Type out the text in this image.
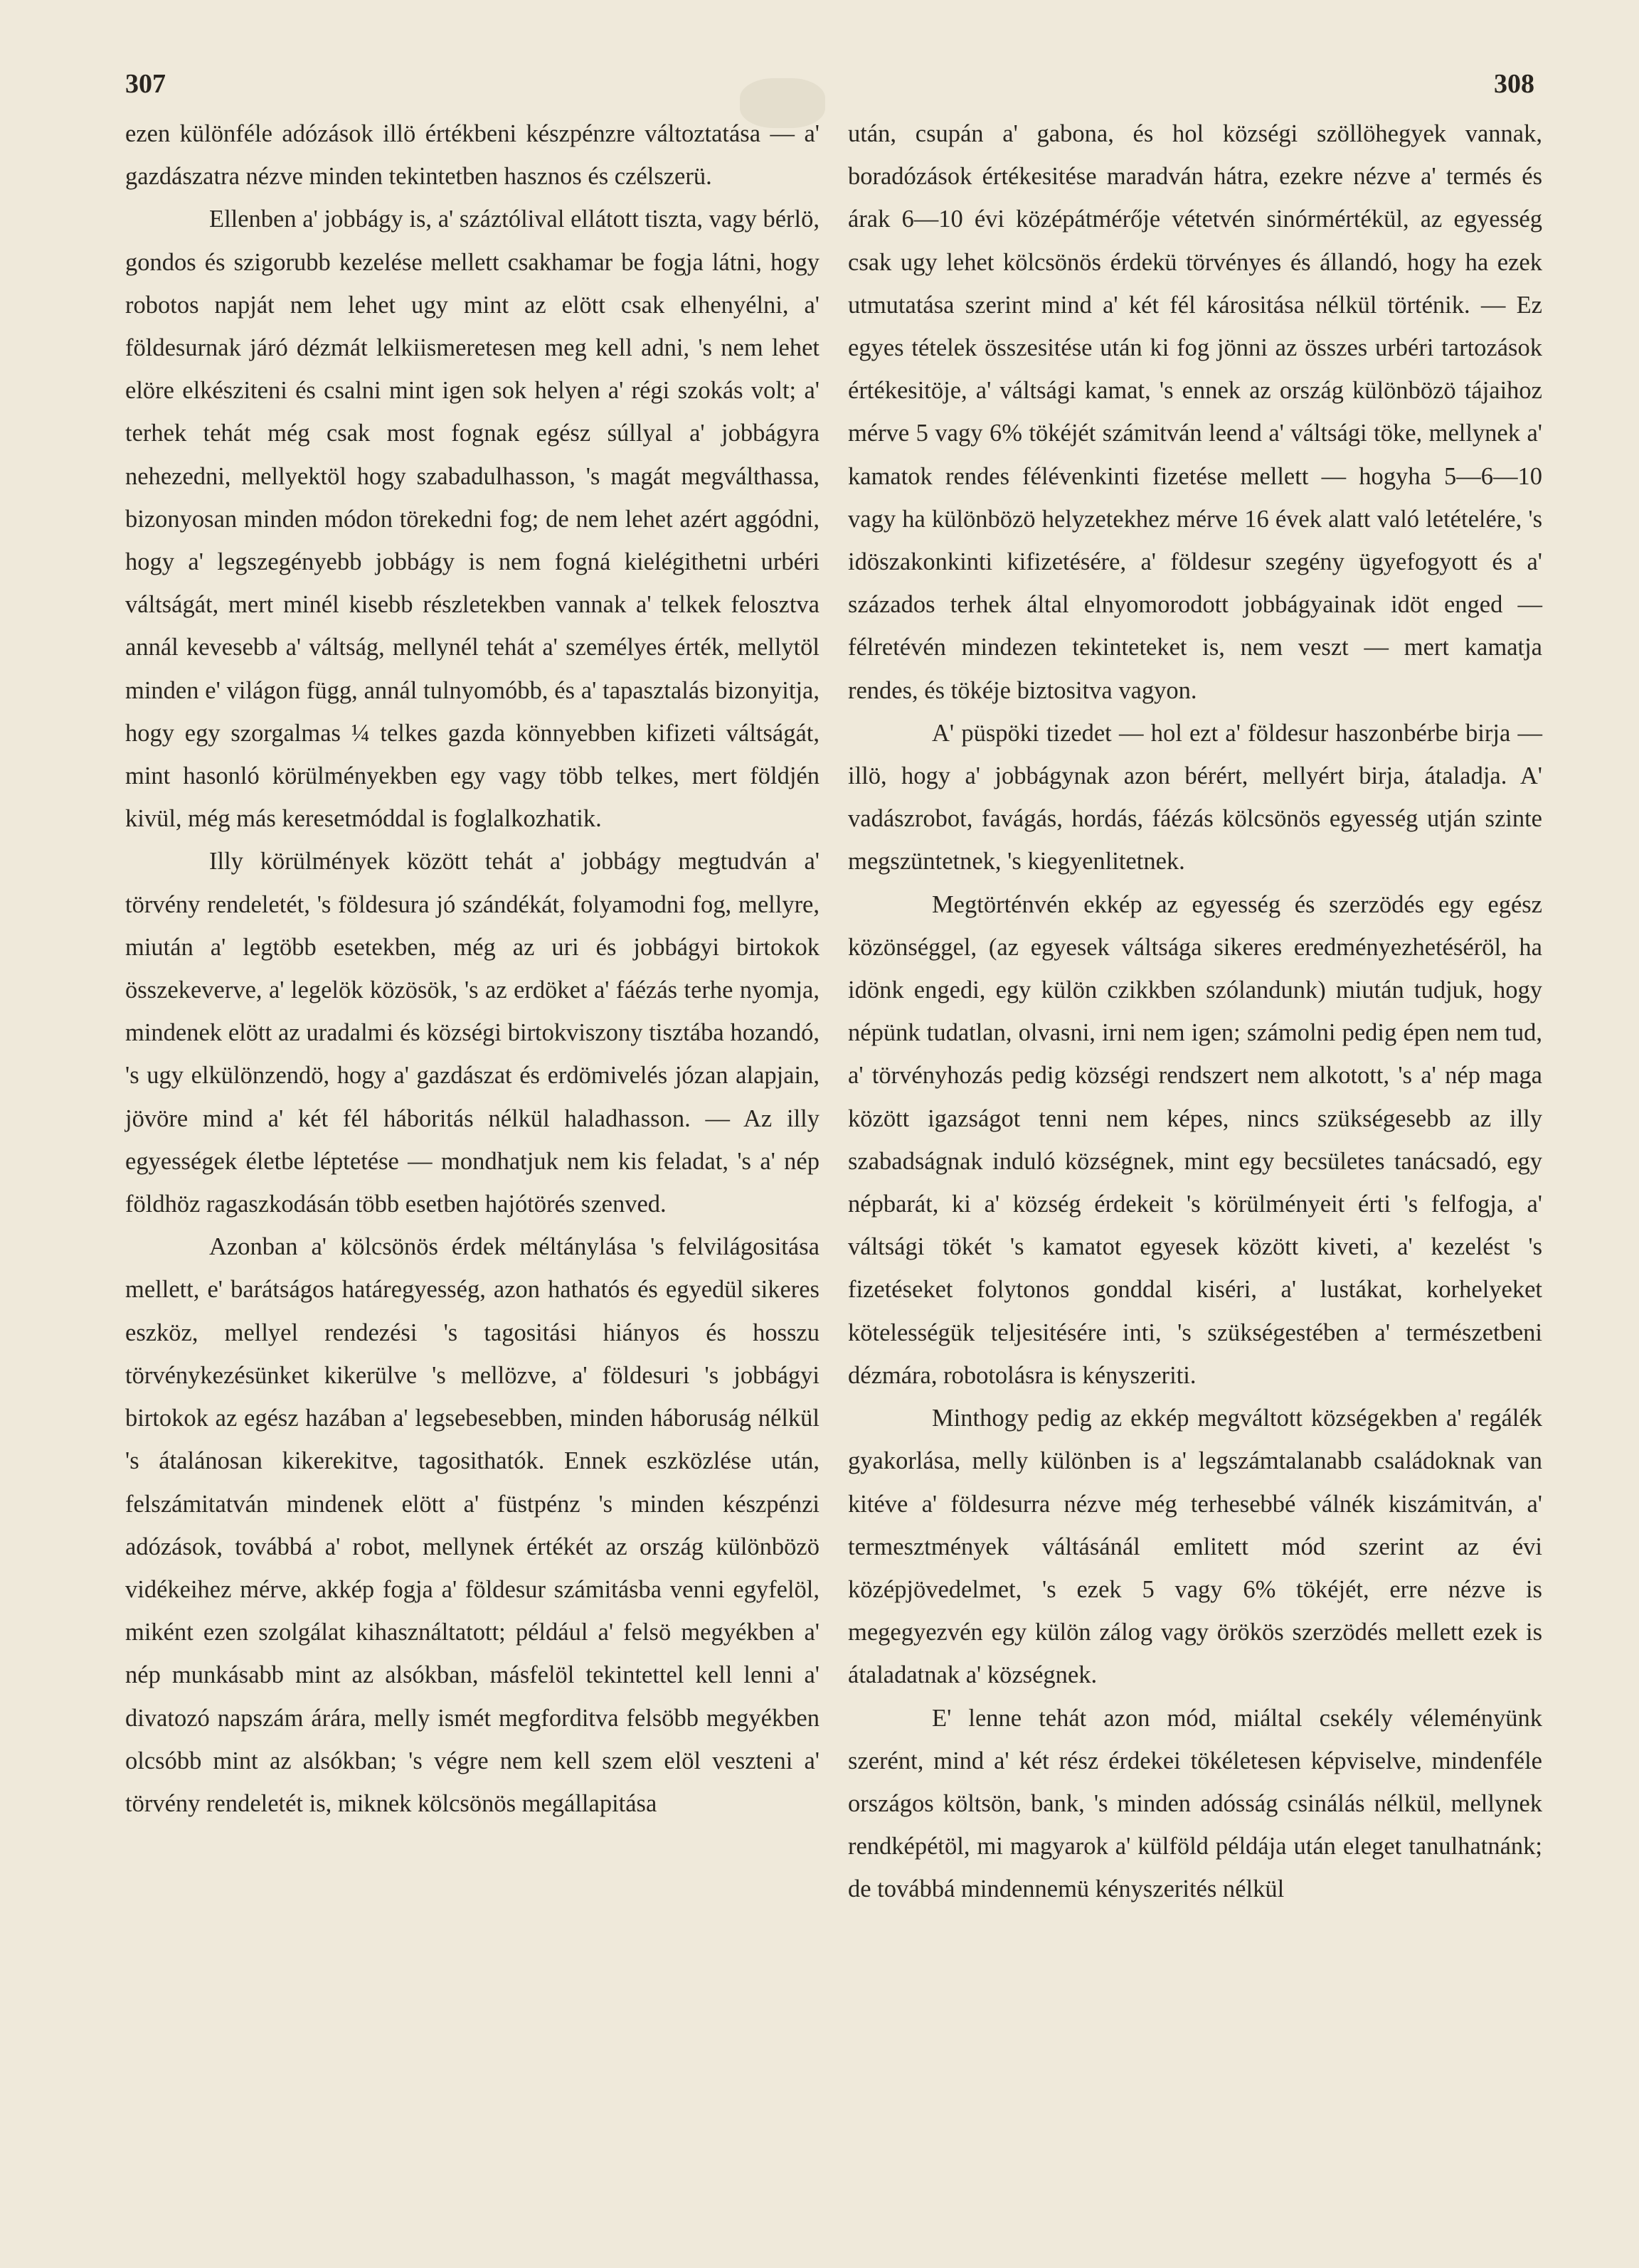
307	308

ezen különféle adózások illö értékbeni készpénzre változtatása — a' gazdászatra nézve minden tekintetben hasznos és czélszerü.

Ellenben a' jobbágy is, a' száztólival ellátott tiszta, vagy bérlö, gondos és szigorubb kezelése mellett csakhamar be fogja látni, hogy robotos napját nem lehet ugy mint az elött csak elhenyélni, a' földesurnak járó dézmát lelkiismeretesen meg kell adni, 's nem lehet elöre elkésziteni és csalni mint igen sok helyen a' régi szokás volt; a' terhek tehát még csak most fognak egész súllyal a' jobbágyra nehezedni, mellyektöl hogy szabadulhasson, 's magát megválthassa, bizonyosan minden módon törekedni fog; de nem lehet azért aggódni, hogy a' legszegényebb jobbágy is nem fogná kielégithetni urbéri váltságát, mert minél kisebb részletekben vannak a' telkek felosztva annál kevesebb a' váltság, mellynél tehát a' személyes érték, mellytöl minden e' világon függ, annál tulnyomóbb, és a' tapasztalás bizonyitja, hogy egy szorgalmas ¼ telkes gazda könnyebben kifizeti váltságát, mint hasonló körülményekben egy vagy több telkes, mert földjén kivül, még más keresetmóddal is foglalkozhatik.

Illy körülmények között tehát a' jobbágy megtudván a' törvény rendeletét, 's földesura jó szándékát, folyamodni fog, mellyre, miután a' legtöbb esetekben, még az uri és jobbágyi birtokok összekeverve, a' legelök közösök, 's az erdöket a' fáézás terhe nyomja, mindenek elött az uradalmi és községi birtokviszony tisztába hozandó, 's ugy elkülönzendö, hogy a' gazdászat és erdömivelés józan alapjain, jövöre mind a' két fél háboritás nélkül haladhasson. — Az illy egyességek életbe léptetése — mondhatjuk nem kis feladat, 's a' nép földhöz ragaszkodásán több esetben hajótörés szenved.

Azonban a' kölcsönös érdek méltánylása 's felvilágositása mellett, e' barátságos határegyesség, azon hathatós és egyedül sikeres eszköz, mellyel rendezési 's tagositási hiányos és hosszu törvénykezésünket kikerülve 's mellözve, a' földesuri 's jobbágyi birtokok az egész hazában a' legsebesebben, minden háboruság nélkül 's átalánosan kikerekitve, tagosithatók. Ennek eszközlése után, felszámitatván mindenek elött a' füstpénz 's minden készpénzi adózások, továbbá a' robot, mellynek értékét az ország különbözö vidékeihez mérve, akkép fogja a' földesur számitásba venni egyfelöl, miként ezen szolgálat kihasználtatott; például a' felsö megyékben a' nép munkásabb mint az alsókban, másfelöl tekintettel kell lenni a' divatozó napszám árára, melly ismét megforditva felsöbb megyékben olcsóbb mint az alsókban; 's végre nem kell szem elöl veszteni a' törvény rendeletét is, miknek kölcsönös megállapitása

után, csupán a' gabona, és hol községi szöllöhegyek vannak, boradózások értékesitése maradván hátra, ezekre nézve a' termés és árak 6—10 évi középátmérője vétetvén sinórmértékül, az egyesség csak ugy lehet kölcsönös érdekü törvényes és állandó, hogy ha ezek utmutatása szerint mind a' két fél kárositása nélkül történik. — Ez egyes tételek összesitése után ki fog jönni az összes urbéri tartozások értékesitöje, a' váltsági kamat, 's ennek az ország különbözö tájaihoz mérve 5 vagy 6% tökéjét számitván leend a' váltsági töke, mellynek a' kamatok rendes félévenkinti fizetése mellett — hogyha 5—6—10 vagy ha különbözö helyzetekhez mérve 16 évek alatt való letételére, 's idöszakonkinti kifizetésére, a' földesur szegény ügyefogyott és a' százados terhek által elnyomorodott jobbágyainak idöt enged — félretévén mindezen tekinteteket is, nem veszt — mert kamatja rendes, és tökéje biztositva vagyon.

A' püspöki tizedet — hol ezt a' földesur haszonbérbe birja — illö, hogy a' jobbágynak azon bérért, mellyért birja, átaladja. A' vadászrobot, favágás, hordás, fáézás kölcsönös egyesség utján szinte megszüntetnek, 's kiegyenlitetnek.

Megtörténvén ekkép az egyesség és szerzödés egy egész közönséggel, (az egyesek váltsága sikeres eredményezhetéséröl, ha idönk engedi, egy külön czikkben szólandunk) miután tudjuk, hogy népünk tudatlan, olvasni, irni nem igen; számolni pedig épen nem tud, a' törvényhozás pedig községi rendszert nem alkotott, 's a' nép maga között igazságot tenni nem képes, nincs szükségesebb az illy szabadságnak induló községnek, mint egy becsületes tanácsadó, egy népbarát, ki a' község érdekeit 's körülményeit érti 's felfogja, a' váltsági tökét 's kamatot egyesek között kiveti, a' kezelést 's fizetéseket folytonos gonddal kiséri, a' lustákat, korhelyeket kötelességük teljesitésére inti, 's szükségestében a' természetbeni dézmára, robotolásra is kényszeriti.

Minthogy pedig az ekkép megváltott községekben a' regálék gyakorlása, melly különben is a' legszámtalanabb családoknak van kitéve a' földesurra nézve még terhesebbé válnék kiszámitván, a' termesztmények váltásánál emlitett mód szerint az évi középjövedelmet, 's ezek 5 vagy 6% tökéjét, erre nézve is megegyezvén egy külön zálog vagy örökös szerzödés mellett ezek is átaladatnak a' községnek.

E' lenne tehát azon mód, miáltal csekély véleményünk szerént, mind a' két rész érdekei tökéletesen képviselve, mindenféle országos költsön, bank, 's minden adósság csinálás nélkül, mellynek rendképétöl, mi magyarok a' külföld példája után eleget tanulhatnánk; de továbbá mindennemü kényszerités nélkül
